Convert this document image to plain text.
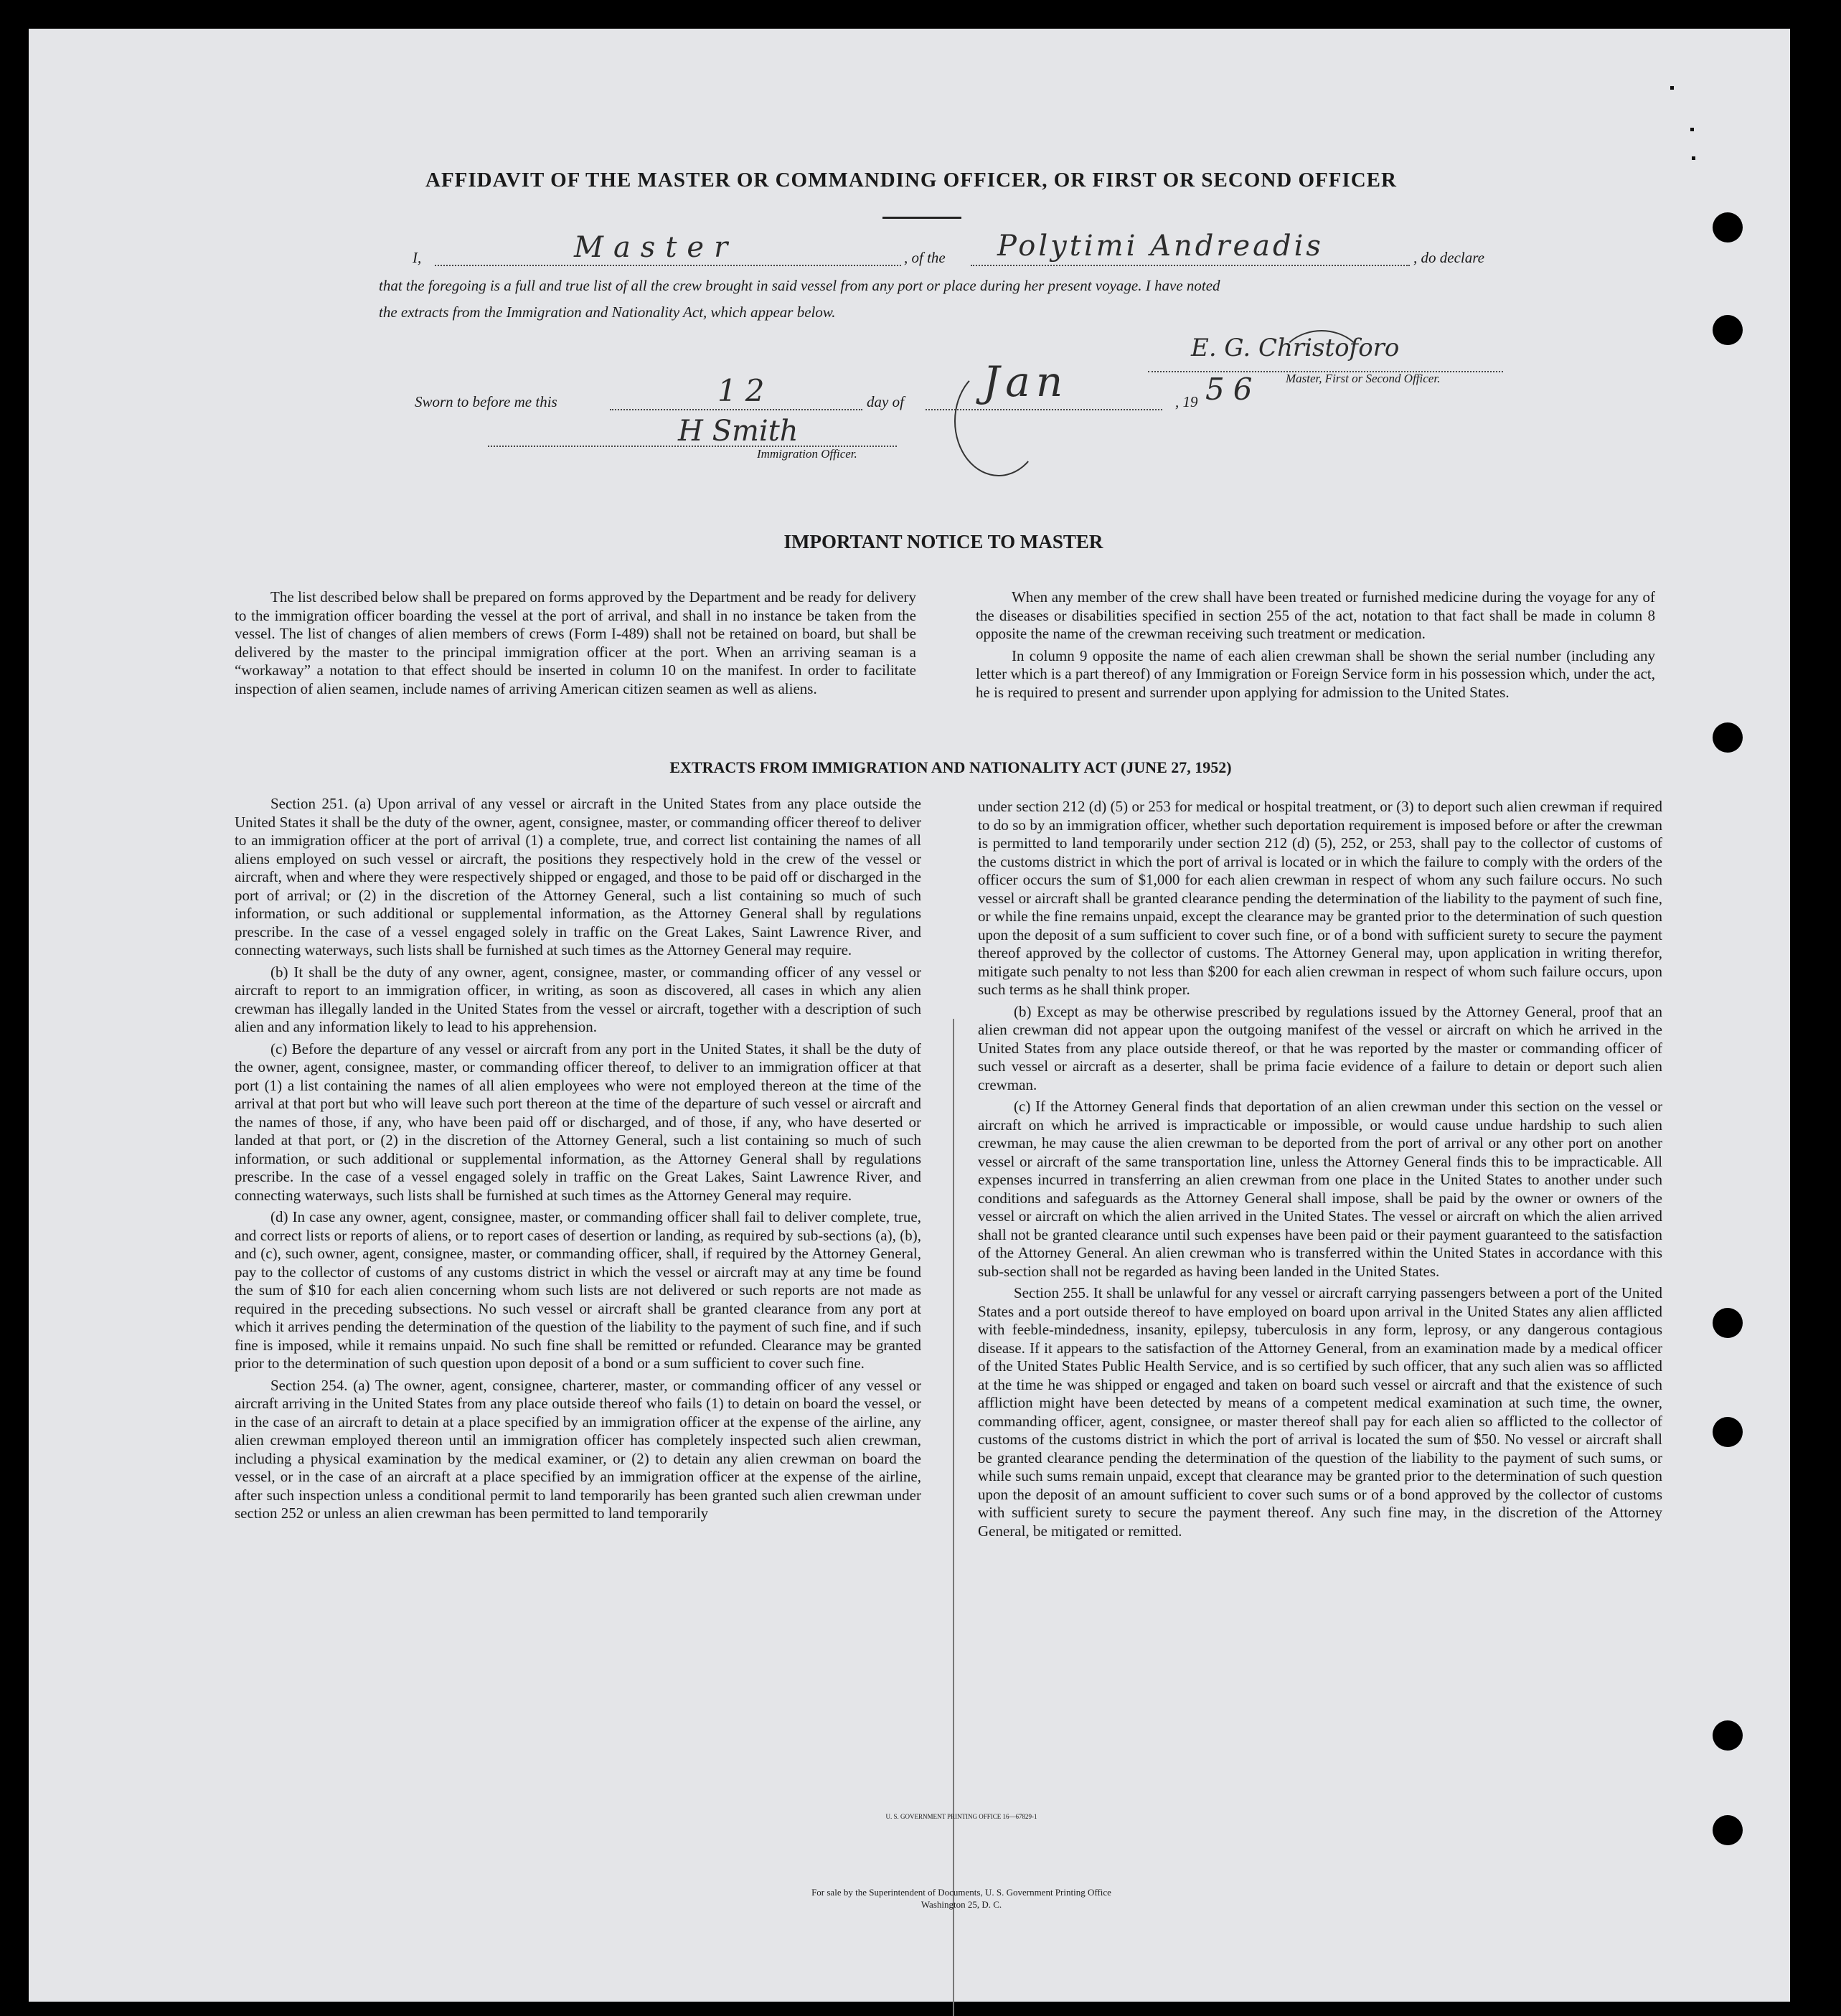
AFFIDAVIT OF THE MASTER OR COMMANDING OFFICER, OR FIRST OR SECOND OFFICER
I,	Master	, of the Polytimi Andreadis	, do declare
that the foregoing is a full and true list of all the crew brought in said vessel from any port or place during her present voyage. I have noted
the extracts from the Immigration and Nationality Act, which appear below.
E. G. Christoforo
Master, First or Second Officer.
Sworn to before me this	12	day of Jan	, 19 56
H Smith
Immigration Officer.
IMPORTANT NOTICE TO MASTER

The list described below shall be prepared on forms approved by the Department and be ready for delivery to the immigration officer boarding the vessel at the port of arrival, and shall in no instance be taken from the vessel. The list of changes of alien members of crews (Form I-489) shall not be retained on board, but shall be delivered by the master to the principal immigration officer at the port. When an arriving seaman is a “workaway” a notation to that effect should be inserted in column 10 on the manifest. In order to facilitate inspection of alien seamen, include names of arriving American citizen seamen as well as aliens.

When any member of the crew shall have been treated or furnished medicine during the voyage for any of the diseases or disabilities specified in section 255 of the act, notation to that fact shall be made in column 8 opposite the name of the crewman receiving such treatment or medication.

In column 9 opposite the name of each alien crewman shall be shown the serial number (including any letter which is a part thereof) of any Immigration or Foreign Service form in his possession which, under the act, he is required to present and surrender upon applying for admission to the United States.

EXTRACTS FROM IMMIGRATION AND NATIONALITY ACT (JUNE 27, 1952)

Section 251. (a) Upon arrival of any vessel or aircraft in the United States from any place outside the United States it shall be the duty of the owner, agent, consignee, master, or commanding officer thereof to deliver to an immigration officer at the port of arrival (1) a complete, true, and correct list containing the names of all aliens employed on such vessel or aircraft, the positions they respectively hold in the crew of the vessel or aircraft, when and where they were respectively shipped or engaged, and those to be paid off or discharged in the port of arrival; or (2) in the discretion of the Attorney General, such a list containing so much of such information, or such additional or supplemental information, as the Attorney General shall by regulations prescribe. In the case of a vessel engaged solely in traffic on the Great Lakes, Saint Lawrence River, and connecting waterways, such lists shall be furnished at such times as the Attorney General may require.

(b) It shall be the duty of any owner, agent, consignee, master, or commanding officer of any vessel or aircraft to report to an immigration officer, in writing, as soon as discovered, all cases in which any alien crewman has illegally landed in the United States from the vessel or aircraft, together with a description of such alien and any information likely to lead to his apprehension.

(c) Before the departure of any vessel or aircraft from any port in the United States, it shall be the duty of the owner, agent, consignee, master, or commanding officer thereof, to deliver to an immigration officer at that port (1) a list containing the names of all alien employees who were not employed thereon at the time of the arrival at that port but who will leave such port thereon at the time of the departure of such vessel or aircraft and the names of those, if any, who have been paid off or discharged, and of those, if any, who have deserted or landed at that port, or (2) in the discretion of the Attorney General, such a list containing so much of such information, or such additional or supplemental information, as the Attorney General shall by regulations prescribe. In the case of a vessel engaged solely in traffic on the Great Lakes, Saint Lawrence River, and connecting waterways, such lists shall be furnished at such times as the Attorney General may require.

(d) In case any owner, agent, consignee, master, or commanding officer shall fail to deliver complete, true, and correct lists or reports of aliens, or to report cases of desertion or landing, as required by sub-sections (a), (b), and (c), such owner, agent, consignee, master, or commanding officer, shall, if required by the Attorney General, pay to the collector of customs of any customs district in which the vessel or aircraft may at any time be found the sum of $10 for each alien concerning whom such lists are not delivered or such reports are not made as required in the preceding subsections. No such vessel or aircraft shall be granted clearance from any port at which it arrives pending the determination of the question of the liability to the payment of such fine, and if such fine is imposed, while it remains unpaid. No such fine shall be remitted or refunded. Clearance may be granted prior to the determination of such question upon deposit of a bond or a sum sufficient to cover such fine.

Section 254. (a) The owner, agent, consignee, charterer, master, or commanding officer of any vessel or aircraft arriving in the United States from any place outside thereof who fails (1) to detain on board the vessel, or in the case of an aircraft to detain at a place specified by an immigration officer at the expense of the airline, any alien crewman employed thereon until an immigration officer has completely inspected such alien crewman, including a physical examination by the medical examiner, or (2) to detain any alien crewman on board the vessel, or in the case of an aircraft at a place specified by an immigration officer at the expense of the airline, after such inspection unless a conditional permit to land temporarily has been granted such alien crewman under section 252 or unless an alien crewman has been permitted to land temporarily

under section 212 (d) (5) or 253 for medical or hospital treatment, or (3) to deport such alien crewman if required to do so by an immigration officer, whether such deportation requirement is imposed before or after the crewman is permitted to land temporarily under section 212 (d) (5), 252, or 253, shall pay to the collector of customs of the customs district in which the port of arrival is located or in which the failure to comply with the orders of the officer occurs the sum of $1,000 for each alien crewman in respect of whom any such failure occurs. No such vessel or aircraft shall be granted clearance pending the determination of the liability to the payment of such fine, or while the fine remains unpaid, except the clearance may be granted prior to the determination of such question upon the deposit of a sum sufficient to cover such fine, or of a bond with sufficient surety to secure the payment thereof approved by the collector of customs. The Attorney General may, upon application in writing therefor, mitigate such penalty to not less than $200 for each alien crewman in respect of whom such failure occurs, upon such terms as he shall think proper.

(b) Except as may be otherwise prescribed by regulations issued by the Attorney General, proof that an alien crewman did not appear upon the outgoing manifest of the vessel or aircraft on which he arrived in the United States from any place outside thereof, or that he was reported by the master or commanding officer of such vessel or aircraft as a deserter, shall be prima facie evidence of a failure to detain or deport such alien crewman.

(c) If the Attorney General finds that deportation of an alien crewman under this section on the vessel or aircraft on which he arrived is impracticable or impossible, or would cause undue hardship to such alien crewman, he may cause the alien crewman to be deported from the port of arrival or any other port on another vessel or aircraft of the same transportation line, unless the Attorney General finds this to be impracticable. All expenses incurred in transferring an alien crewman from one place in the United States to another under such conditions and safeguards as the Attorney General shall impose, shall be paid by the owner or owners of the vessel or aircraft on which the alien arrived in the United States. The vessel or aircraft on which the alien arrived shall not be granted clearance until such expenses have been paid or their payment guaranteed to the satisfaction of the Attorney General. An alien crewman who is transferred within the United States in accordance with this sub-section shall not be regarded as having been landed in the United States.

Section 255. It shall be unlawful for any vessel or aircraft carrying passengers between a port of the United States and a port outside thereof to have employed on board upon arrival in the United States any alien afflicted with feeble-mindedness, insanity, epilepsy, tuberculosis in any form, leprosy, or any dangerous contagious disease. If it appears to the satisfaction of the Attorney General, from an examination made by a medical officer of the United States Public Health Service, and is so certified by such officer, that any such alien was so afflicted at the time he was shipped or engaged and taken on board such vessel or aircraft and that the existence of such affliction might have been detected by means of a competent medical examination at such time, the owner, commanding officer, agent, consignee, or master thereof shall pay for each alien so afflicted to the collector of customs of the customs district in which the port of arrival is located the sum of $50. No vessel or aircraft shall be granted clearance pending the determination of the question of the liability to the payment of such sums, or while such sums remain unpaid, except that clearance may be granted prior to the determination of such question upon the deposit of an amount sufficient to cover such sums or of a bond approved by the collector of customs with sufficient surety to secure the payment thereof. Any such fine may, in the discretion of the Attorney General, be mitigated or remitted.

U. S. GOVERNMENT PRINTING OFFICE 16—67829-1
For sale by the Superintendent of Documents, U. S. Government Printing Office
Washington 25, D. C.
